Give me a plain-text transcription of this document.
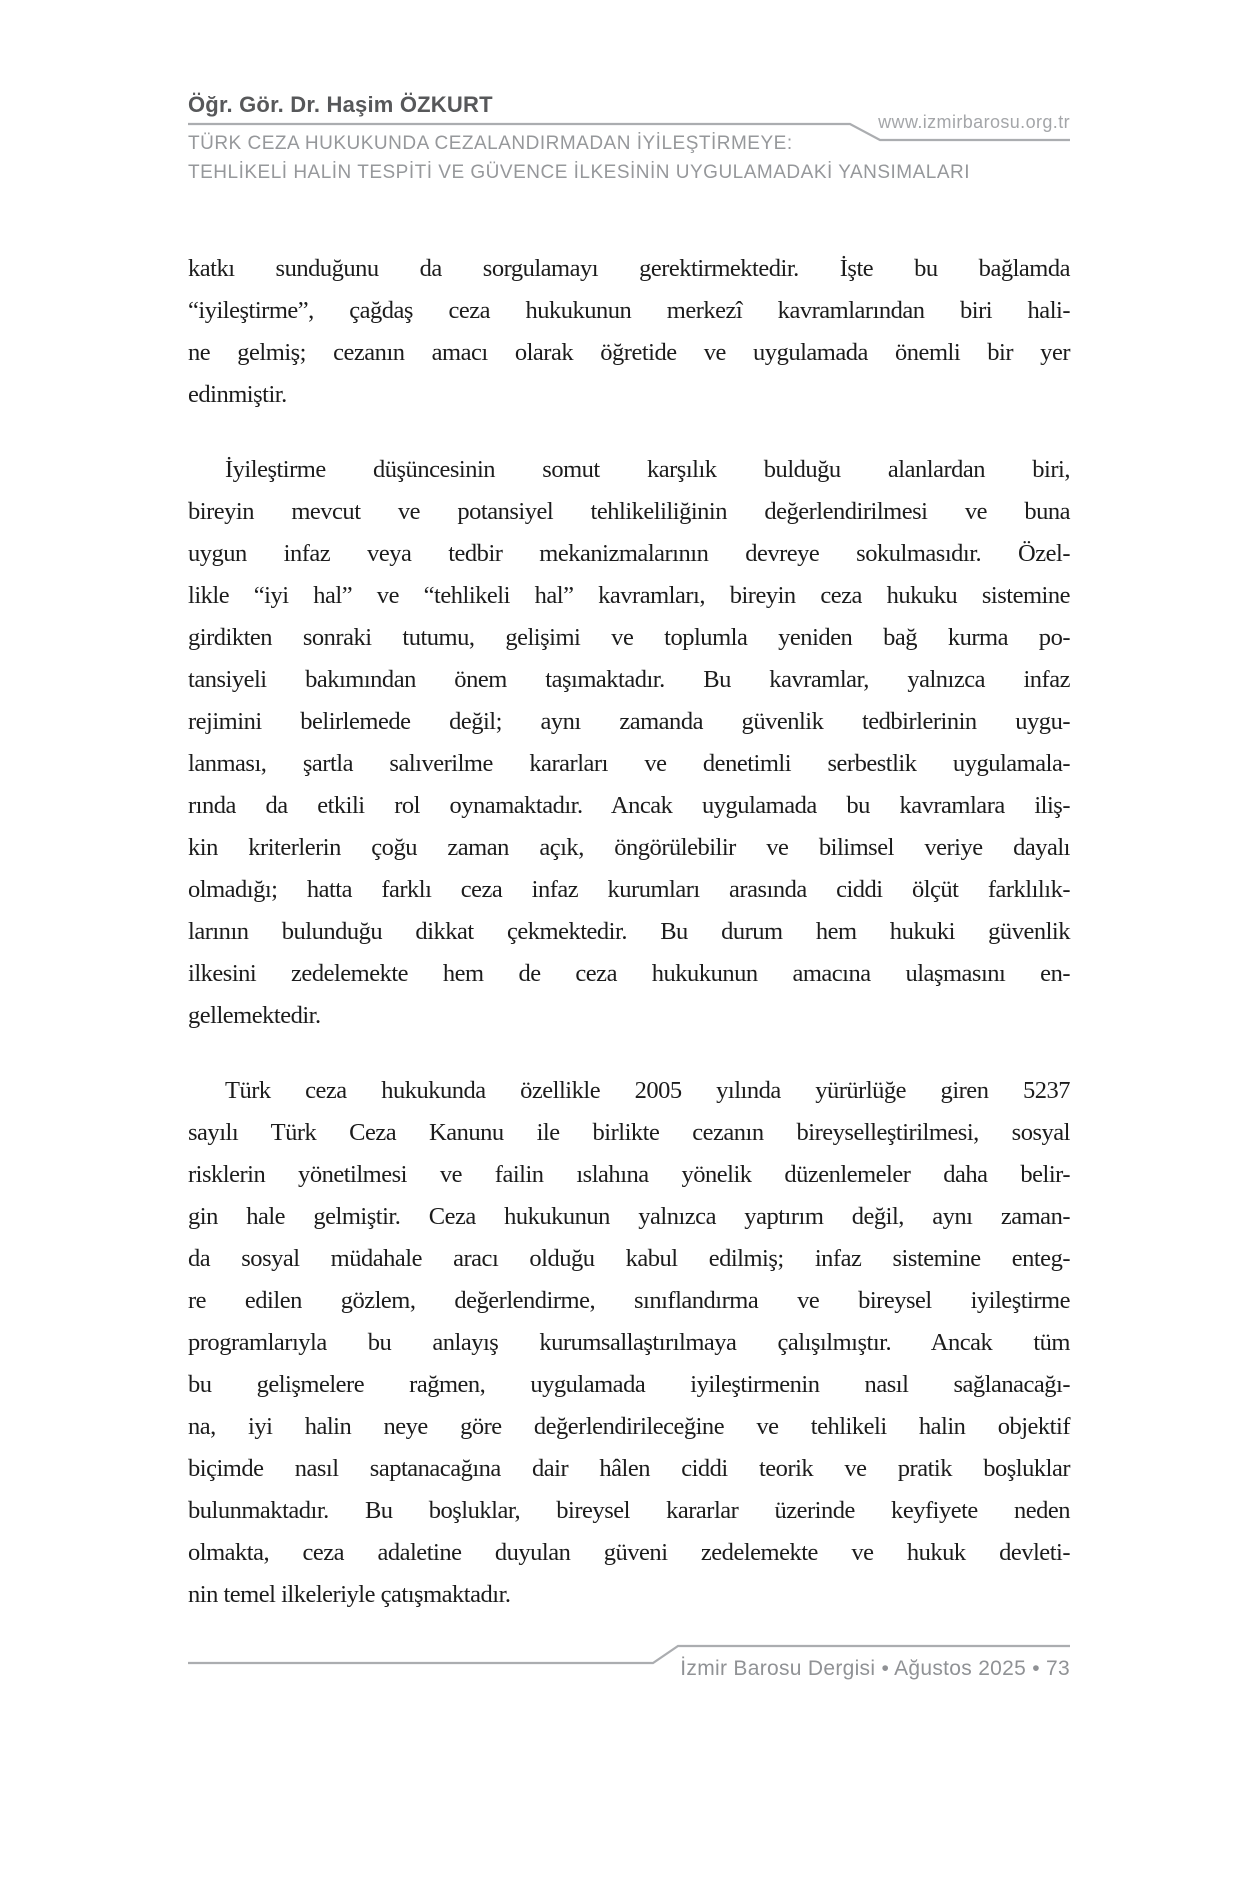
Öğr. Gör. Dr. Haşim ÖZKURT
www.izmirbarosu.org.tr
TÜRK CEZA HUKUKUNDA CEZALANDIRMADAN İYİLEŞTİRMEYE:
TEHLİKELİ HALİN TESPİTİ VE GÜVENCE İLKESİNİN UYGULAMADAKİ YANSIMALARI
katkı sunduğunu da sorgulamayı gerektirmektedir. İşte bu bağlamda
“iyileştirme”, çağdaş ceza hukukunun merkezî kavramlarından biri hali-
ne gelmiş; cezanın amacı olarak öğretide ve uygulamada önemli bir yer
edinmiştir.
İyileştirme düşüncesinin somut karşılık bulduğu alanlardan biri,
bireyin mevcut ve potansiyel tehlikeliliğinin değerlendirilmesi ve buna
uygun infaz veya tedbir mekanizmalarının devreye sokulmasıdır. Özel-
likle “iyi hal” ve “tehlikeli hal” kavramları, bireyin ceza hukuku sistemine
girdikten sonraki tutumu, gelişimi ve toplumla yeniden bağ kurma po-
tansiyeli bakımından önem taşımaktadır. Bu kavramlar, yalnızca infaz
rejimini belirlemede değil; aynı zamanda güvenlik tedbirlerinin uygu-
lanması, şartla salıverilme kararları ve denetimli serbestlik uygulamala-
rında da etkili rol oynamaktadır. Ancak uygulamada bu kavramlara iliş-
kin kriterlerin çoğu zaman açık, öngörülebilir ve bilimsel veriye dayalı
olmadığı; hatta farklı ceza infaz kurumları arasında ciddi ölçüt farklılık-
larının bulunduğu dikkat çekmektedir. Bu durum hem hukuki güvenlik
ilkesini zedelemekte hem de ceza hukukunun amacına ulaşmasını en-
gellemektedir.
Türk ceza hukukunda özellikle 2005 yılında yürürlüğe giren 5237
sayılı Türk Ceza Kanunu ile birlikte cezanın bireyselleştirilmesi, sosyal
risklerin yönetilmesi ve failin ıslahına yönelik düzenlemeler daha belir-
gin hale gelmiştir. Ceza hukukunun yalnızca yaptırım değil, aynı zaman-
da sosyal müdahale aracı olduğu kabul edilmiş; infaz sistemine enteg-
re edilen gözlem, değerlendirme, sınıflandırma ve bireysel iyileştirme
programlarıyla bu anlayış kurumsallaştırılmaya çalışılmıştır. Ancak tüm
bu gelişmelere rağmen, uygulamada iyileştirmenin nasıl sağlanacağı-
na, iyi halin neye göre değerlendirileceğine ve tehlikeli halin objektif
biçimde nasıl saptanacağına dair hâlen ciddi teorik ve pratik boşluklar
bulunmaktadır. Bu boşluklar, bireysel kararlar üzerinde keyfiyete neden
olmakta, ceza adaletine duyulan güveni zedelemekte ve hukuk devleti-
nin temel ilkeleriyle çatışmaktadır.
İzmir Barosu Dergisi • Ağustos 2025 • 73
